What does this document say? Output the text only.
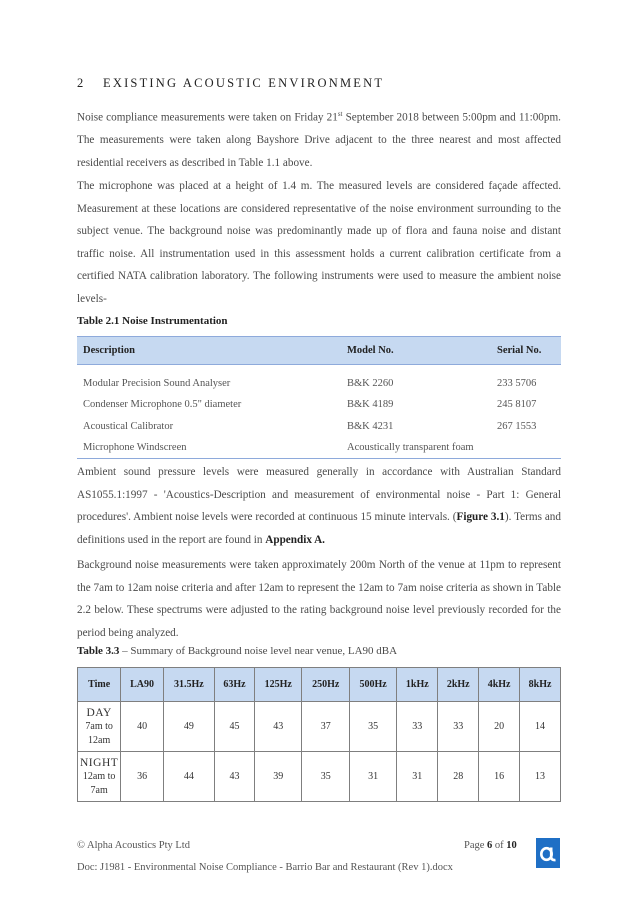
2 EXISTING ACOUSTIC ENVIRONMENT

Noise compliance measurements were taken on Friday 21st September 2018 between 5:00pm and 11:00pm. The measurements were taken along Bayshore Drive adjacent to the three nearest and most affected residential receivers as described in Table 1.1 above.

The microphone was placed at a height of 1.4 m. The measured levels are considered façade affected. Measurement at these locations are considered representative of the noise environment surrounding to the subject venue. The background noise was predominantly made up of flora and fauna noise and distant traffic noise. All instrumentation used in this assessment holds a current calibration certificate from a certified NATA calibration laboratory. The following instruments were used to measure the ambient noise levels-

Table 2.1 Noise Instrumentation
Description	Model No.	Serial No.

Modular Precision Sound Analyser	B&K 2260	233 5706
Condenser Microphone 0.5" diameter	B&K 4189	245 8107
Acoustical Calibrator	B&K 4231	267 1553
Microphone Windscreen	Acoustically transparent foam	

Ambient sound pressure levels were measured generally in accordance with Australian Standard AS1055.1:1997 - 'Acoustics-Description and measurement of environmental noise - Part 1: General procedures'. Ambient noise levels were recorded at continuous 15 minute intervals. (Figure 3.1). Terms and definitions used in the report are found in Appendix A.

Background noise measurements were taken approximately 200m North of the venue at 11pm to represent the 7am to 12am noise criteria and after 12am to represent the 12am to 7am noise criteria as shown in Table 2.2 below. These spectrums were adjusted to the rating background noise level previously recorded for the period being analyzed.

Table 3.3 – Summary of Background noise level near venue, LA90 dBA
Time	LA90	31.5Hz	63Hz	125Hz	250Hz	500Hz	1kHz	2kHz	4kHz	8kHz

DAY
7am to 12am	40	49	45	43	37	35	33	33	20	14

NIGHT
12am to 7am	36	44	43	39	35	31	31	28	16	13
© Alpha Acoustics Pty Ltd	Page 6 of 10
Doc: J1981 - Environmental Noise Compliance - Barrio Bar and Restaurant (Rev 1).docx
